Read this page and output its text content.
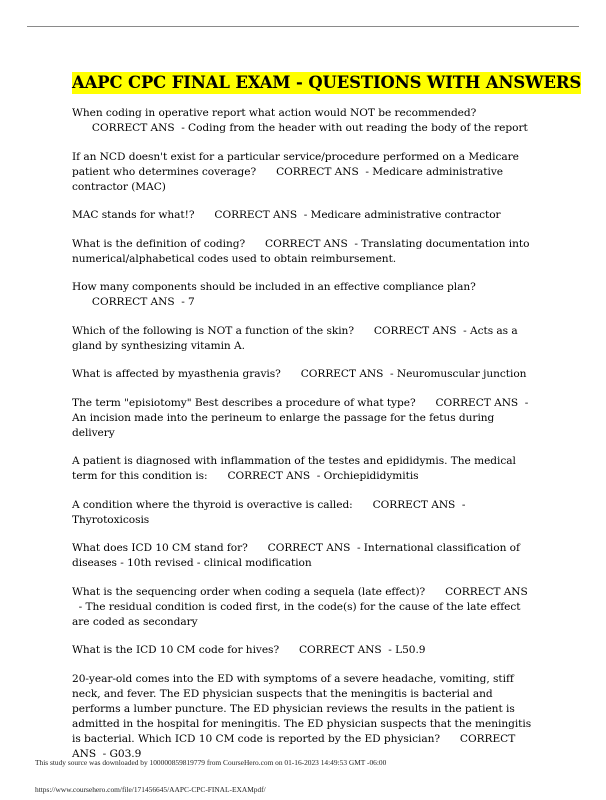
AAPC CPC FINAL EXAM - QUESTIONS WITH ANSWERS
When coding in operative report what action would NOT be recommended?      CORRECT ANS - Coding from the header with out reading the body of the report
If an NCD doesn't exist for a particular service/procedure performed on a Medicare patient who determines coverage? CORRECT ANS - Medicare administrative contractor (MAC)
MAC stands for what!? CORRECT ANS - Medicare administrative contractor
What is the definition of coding? CORRECT ANS - Translating documentation into numerical/alphabetical codes used to obtain reimbursement.
How many components should be included in an effective compliance plan?      CORRECT ANS - 7
Which of the following is NOT a function of the skin? CORRECT ANS - Acts as a gland by synthesizing vitamin A.
What is affected by myasthenia gravis? CORRECT ANS - Neuromuscular junction
The term "episiotomy" Best describes a procedure of what type? CORRECT ANS - An incision made into the perineum to enlarge the passage for the fetus during delivery
A patient is diagnosed with inflammation of the testes and epididymis. The medical term for this condition is: CORRECT ANS - Orchiepididymitis
A condition where the thyroid is overactive is called: CORRECT ANS - Thyrotoxicosis
What does ICD 10 CM stand for? CORRECT ANS - International classification of diseases - 10th revised - clinical modification
What is the sequencing order when coding a sequela (late effect)? CORRECT ANS  - The residual condition is coded first, in the code(s) for the cause of the late effect are coded as secondary
What is the ICD 10 CM code for hives? CORRECT ANS - L50.9
20-year-old comes into the ED with symptoms of a severe headache, vomiting, stiff neck, and fever. The ED physician suspects that the meningitis is bacterial and performs a lumber puncture. The ED physician reviews the results in the patient is admitted in the hospital for meningitis. The ED physician suspects that the meningitis is bacterial. Which ICD 10 CM code is reported by the ED physician? CORRECT ANS - G03.9
This study source was downloaded by 100000859819779 from CourseHero.com on 01-16-2023 14:49:53 GMT -06:00
https://www.coursehero.com/file/171456645/AAPC-CPC-FINAL-EXAMpdf/
